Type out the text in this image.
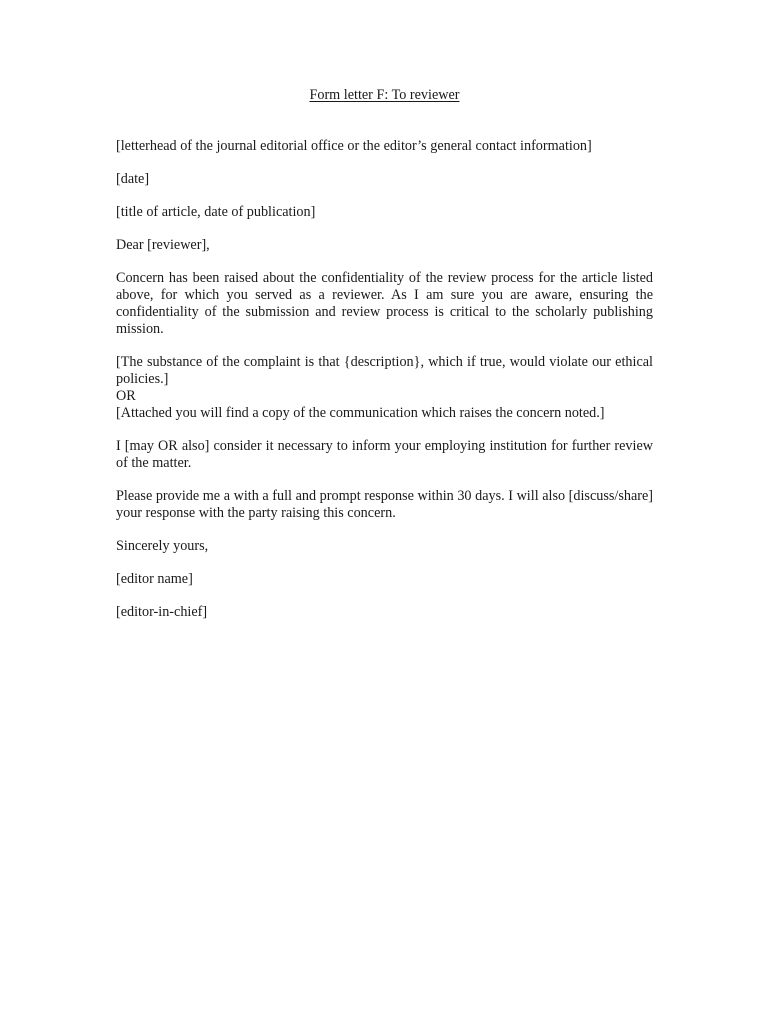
Form letter F: To reviewer

[letterhead of the journal editorial office or the editor’s general contact information]

[date]

[title of article, date of publication]

Dear [reviewer],

Concern has been raised about the confidentiality of the review process for the article listed above, for which you served as a reviewer. As I am sure you are aware, ensuring the confidentiality of the submission and review process is critical to the scholarly publishing mission.

[The substance of the complaint is that {description}, which if true, would violate our ethical policies.]

OR

[Attached you will find a copy of the communication which raises the concern noted.]

I [may OR also] consider it necessary to inform your employing institution for further review of the matter.

Please provide me a with a full and prompt response within 30 days. I will also [discuss/share] your response with the party raising this concern.

Sincerely yours,

[editor name]

[editor-in-chief]
